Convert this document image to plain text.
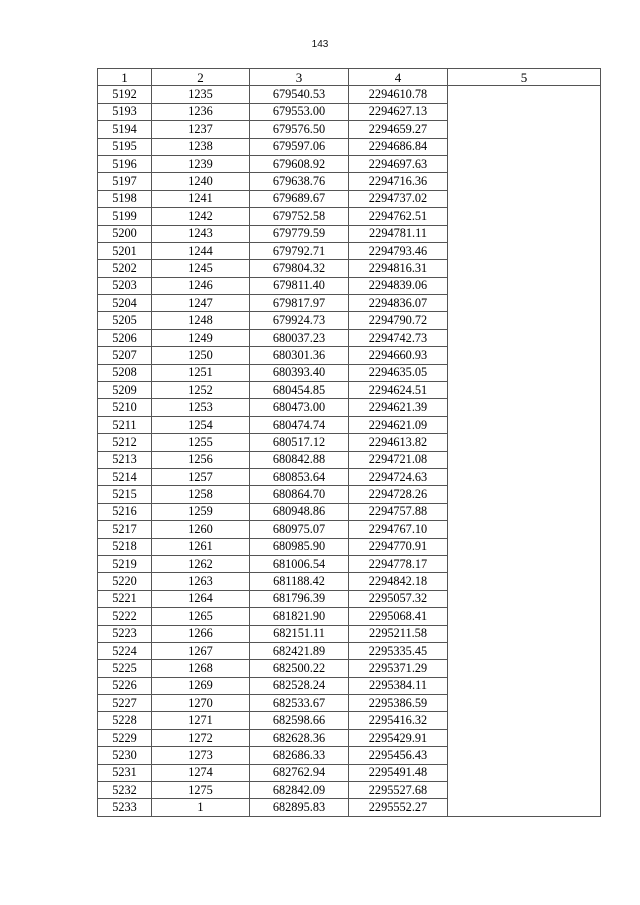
143
1	2	3	4	5
5192	1235	679540.53	2294610.78	
5193	1236	679553.00	2294627.13	
5194	1237	679576.50	2294659.27	
5195	1238	679597.06	2294686.84	
5196	1239	679608.92	2294697.63	
5197	1240	679638.76	2294716.36	
5198	1241	679689.67	2294737.02	
5199	1242	679752.58	2294762.51	
5200	1243	679779.59	2294781.11	
5201	1244	679792.71	2294793.46	
5202	1245	679804.32	2294816.31	
5203	1246	679811.40	2294839.06	
5204	1247	679817.97	2294836.07	
5205	1248	679924.73	2294790.72	
5206	1249	680037.23	2294742.73	
5207	1250	680301.36	2294660.93	
5208	1251	680393.40	2294635.05	
5209	1252	680454.85	2294624.51	
5210	1253	680473.00	2294621.39	
5211	1254	680474.74	2294621.09	
5212	1255	680517.12	2294613.82	
5213	1256	680842.88	2294721.08	
5214	1257	680853.64	2294724.63	
5215	1258	680864.70	2294728.26	
5216	1259	680948.86	2294757.88	
5217	1260	680975.07	2294767.10	
5218	1261	680985.90	2294770.91	
5219	1262	681006.54	2294778.17	
5220	1263	681188.42	2294842.18	
5221	1264	681796.39	2295057.32	
5222	1265	681821.90	2295068.41	
5223	1266	682151.11	2295211.58	
5224	1267	682421.89	2295335.45	
5225	1268	682500.22	2295371.29	
5226	1269	682528.24	2295384.11	
5227	1270	682533.67	2295386.59	
5228	1271	682598.66	2295416.32	
5229	1272	682628.36	2295429.91	
5230	1273	682686.33	2295456.43	
5231	1274	682762.94	2295491.48	
5232	1275	682842.09	2295527.68	
5233	1	682895.83	2295552.27	
